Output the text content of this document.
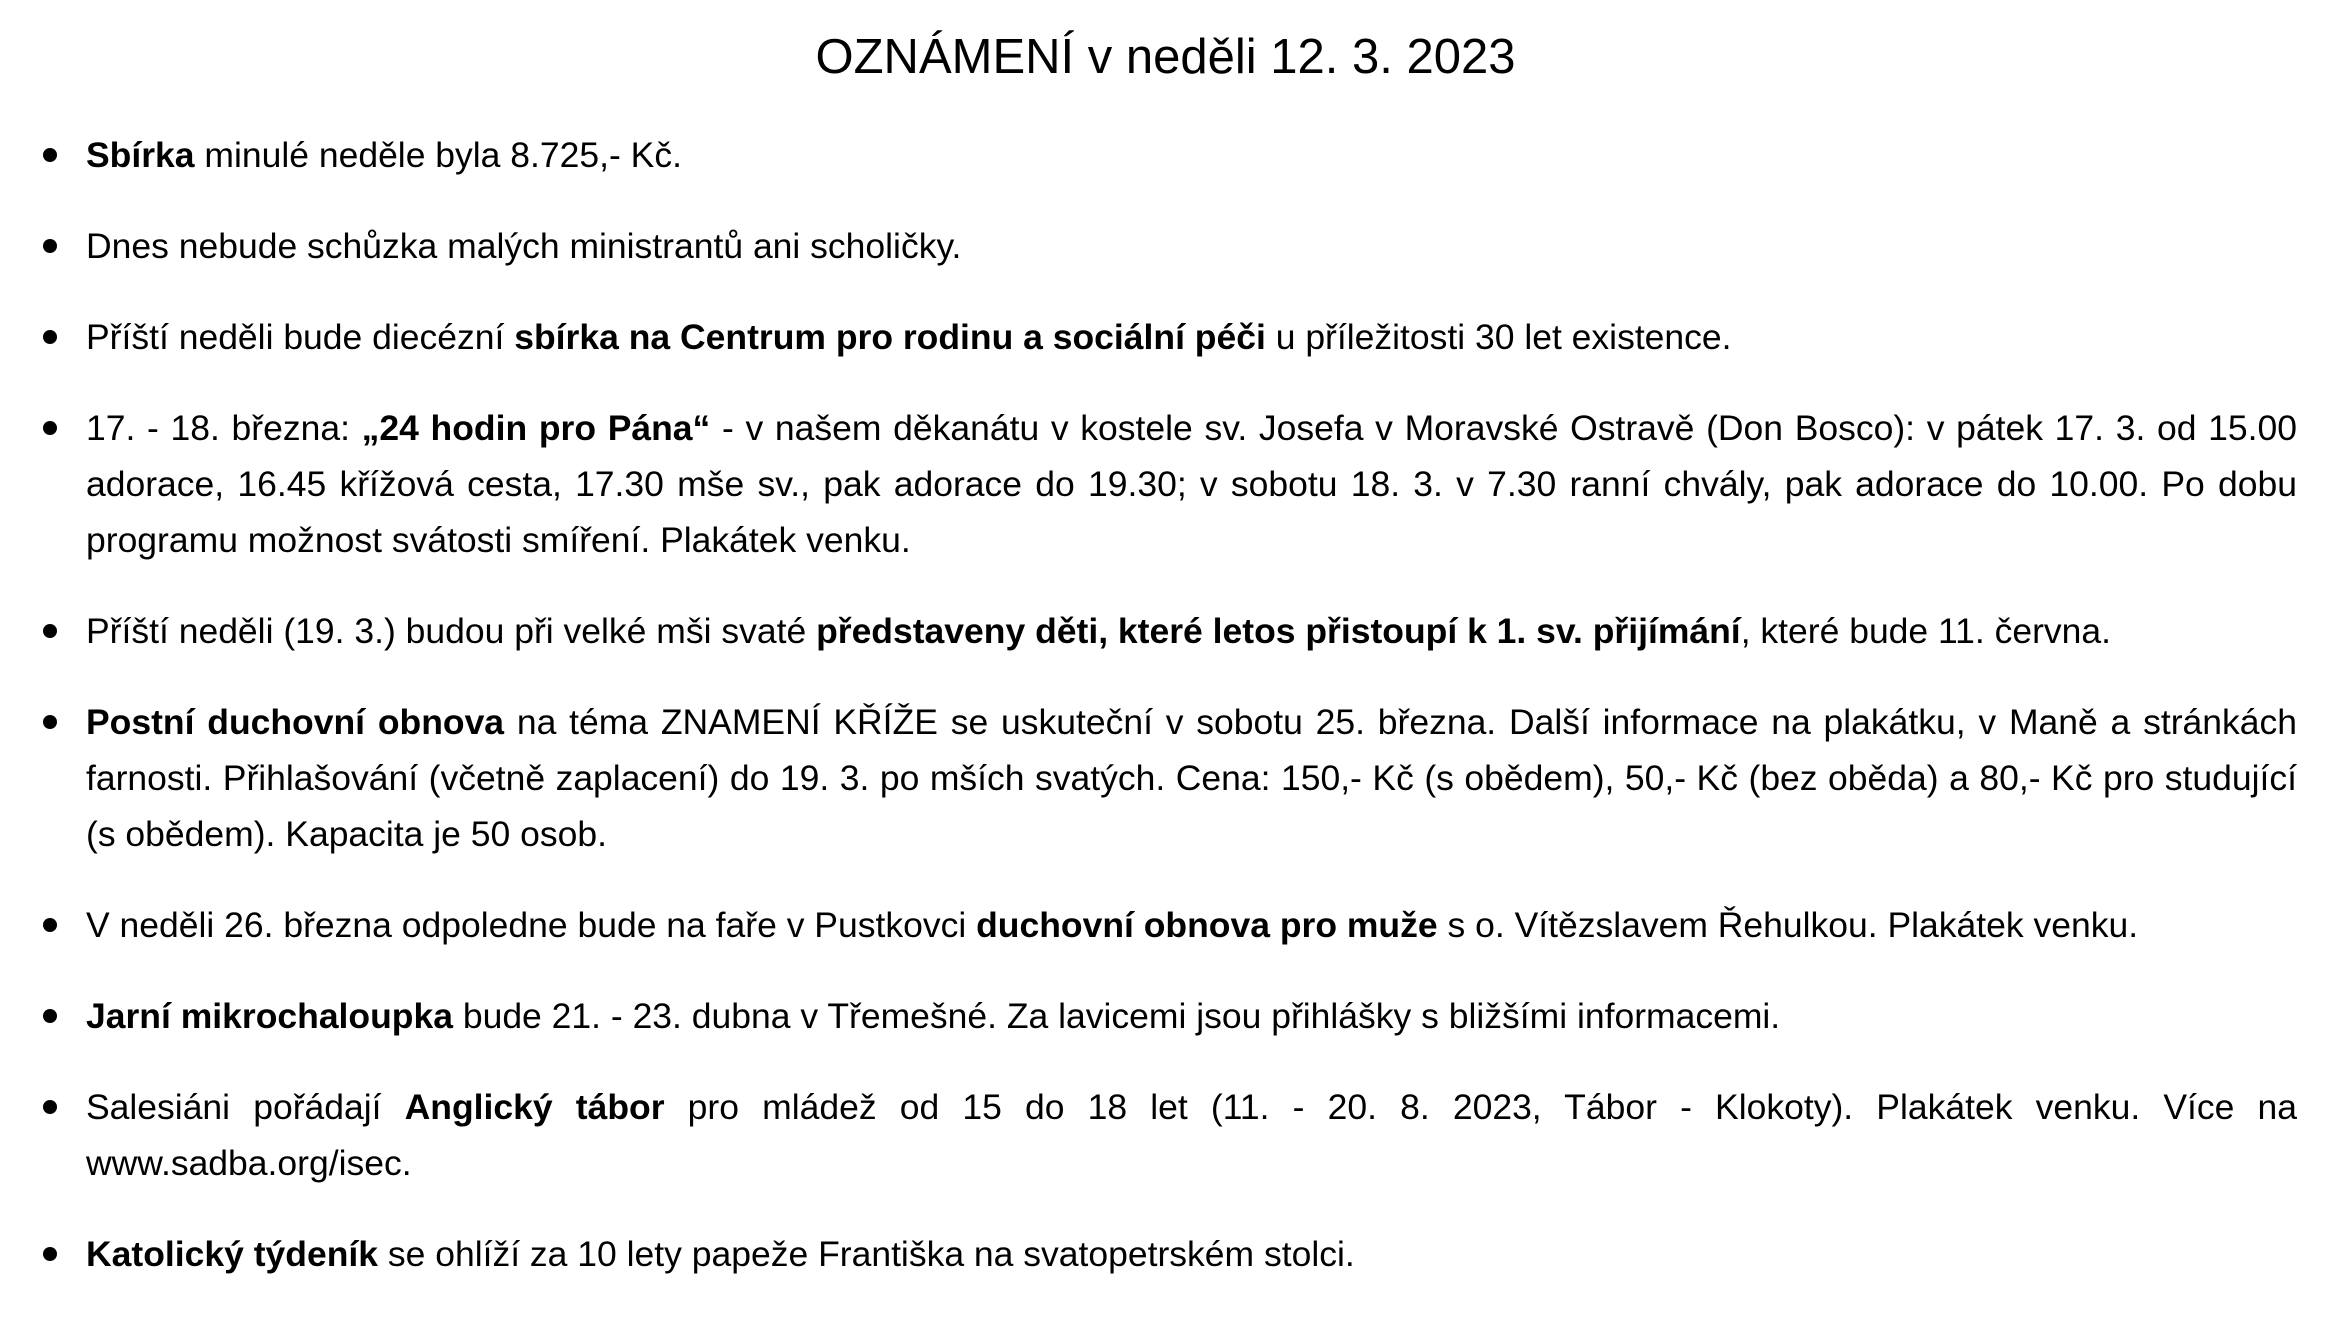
OZNÁMENÍ v neděli 12. 3. 2023
Sbírka minulé neděle byla 8.725,- Kč.
Dnes nebude schůzka malých ministrantů ani scholičky.
Příští neděli bude diecézní sbírka na Centrum pro rodinu a sociální péči u příležitosti 30 let existence.
17. - 18. března: „24 hodin pro Pána“ - v našem děkanátu v kostele sv. Josefa v Moravské Ostravě (Don Bosco): v pátek 17. 3. od 15.00 adorace, 16.45 křížová cesta, 17.30 mše sv., pak adorace do 19.30; v sobotu 18. 3. v 7.30 ranní chvály, pak adorace do 10.00. Po dobu programu možnost svátosti smíření. Plakátek venku.
Příští neděli (19. 3.) budou při velké mši svaté představeny děti, které letos přistoupí k 1. sv. přijímání, které bude 11. června.
Postní duchovní obnova na téma ZNAMENÍ KŘÍŽE se uskuteční v sobotu 25. března. Další informace na plakátku, v Maně a stránkách farnosti. Přihlašování (včetně zaplacení) do 19. 3. po mších svatých. Cena: 150,- Kč (s obědem), 50,- Kč (bez oběda) a 80,- Kč pro studující (s obědem). Kapacita je 50 osob.
V neděli 26. března odpoledne bude na faře v Pustkovci duchovní obnova pro muže s o. Vítězslavem Řehulkou. Plakátek venku.
Jarní mikrochaloupka bude 21. - 23. dubna v Třemešné. Za lavicemi jsou přihlášky s bližšími informacemi.
Salesiáni pořádají Anglický tábor pro mládež od 15 do 18 let (11. - 20. 8. 2023, Tábor - Klokoty). Plakátek venku. Více na www.sadba.org/isec.
Katolický týdeník se ohlíží za 10 lety papeže Františka na svatopetrském stolci.
